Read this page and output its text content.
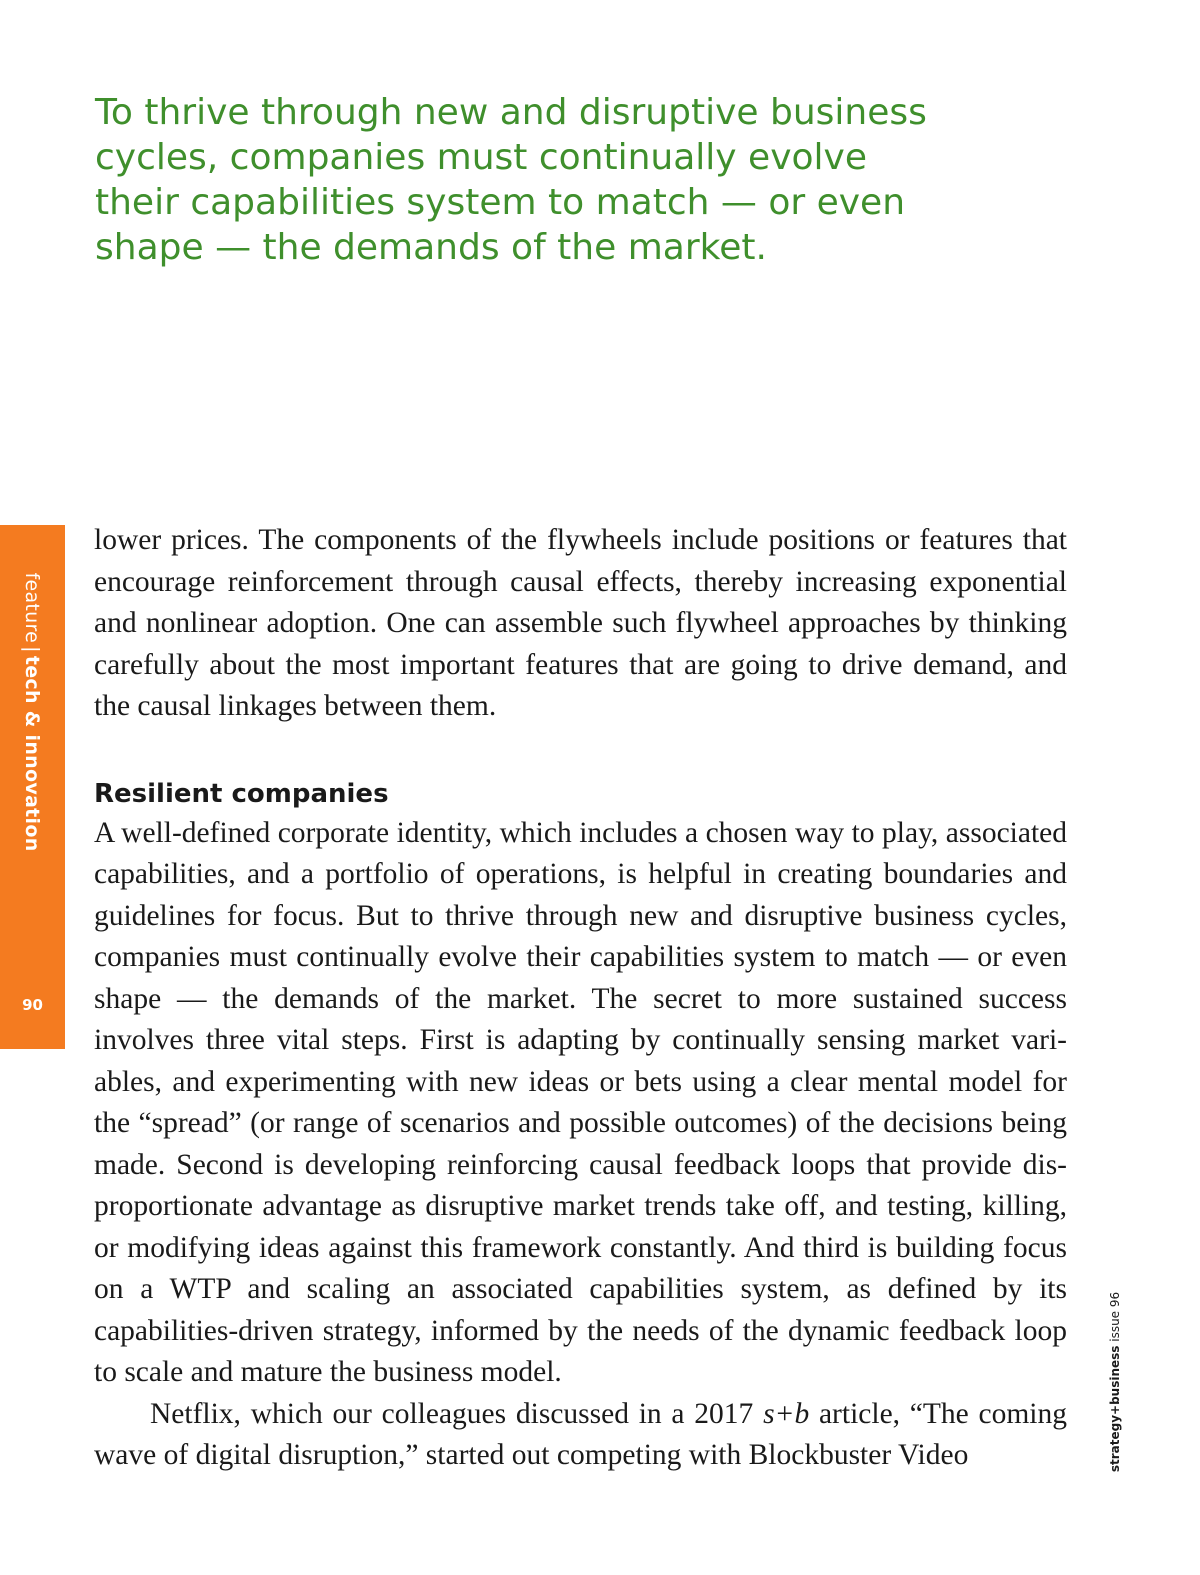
To thrive through new and disruptive business
cycles, companies must continually evolve
their capabilities system to match — or even
shape — the demands of the market.
feature|tech & innovation
90

lower prices. The components of the flywheels include positions or features that encourage reinforcement through causal effects, thereby increasing exponential and nonlinear adoption. One can assemble such flywheel approaches by thinking carefully about the most important features that are going to drive demand, and the causal linkages between them.

Resilient companies

A well-defined corporate identity, which includes a chosen way to play, associated capabilities, and a portfolio of operations, is helpful in creating boundaries and guidelines for focus. But to thrive through new and disruptive business cycles, companies must continually evolve their capabilities system to match — or even shape — the demands of the market. The secret to more sustained success involves three vital steps. First is adapting by continually sensing market variables, and experimenting with new ideas or bets using a clear mental model for the “spread” (or range of scenarios and possible outcomes) of the decisions being made. Second is developing reinforcing causal feedback loops that provide disproportionate advantage as disruptive market trends take off, and testing, killing, or modifying ideas against this framework constantly. And third is building focus on a WTP and scaling an associated capabilities system, as defined by its capabilities-driven strategy, informed by the needs of the dynamic feedback loop to scale and mature the business model.

Netflix, which our colleagues discussed in a 2017 s+b article, “The coming wave of digital disruption,” started out competing with Blockbuster Video	strategy+business issue 96
